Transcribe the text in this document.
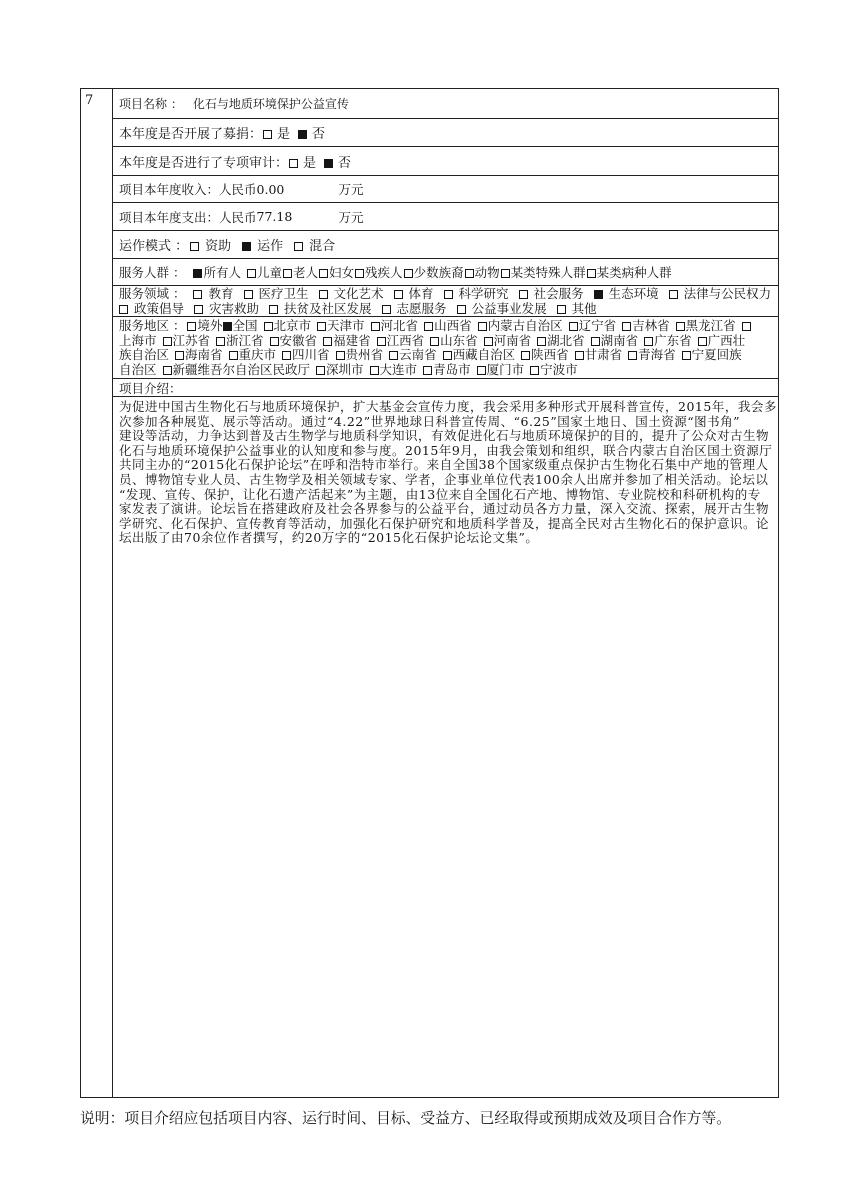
7 项目名称 ： 化石与地质环境保护公益宣传
本年度是否开展了募捐：	是 否
本年度是否进行了专项审计：	是 否
项目本年度收入：人民币 0.00	万元
项目本年度支出：人民币 77.18	万元
运作模式 ：	资助 运作 混合
服务人群 ：	所有人 儿童 老人 妇女 残疾人 少数族裔 动物 某类特殊人群 某类病种人群
服务领域 ： 教育 医疗卫生 文化艺术 体育 科学研究 社会服务 生态环境 法律与公民权力
政策倡导 灾害救助 扶贫及社区发展 志愿服务 公益事业发展 其他
服务地区 ： 境外 全国 北京市 天津市 河北省 山西省 内蒙古自治区 辽宁省 吉林省 黑龙江省
上海市 江苏省 浙江省 安徽省 福建省 江西省 山东省 河南省 湖北省 湖南省 广东省 广西壮
族自治区 海南省 重庆市 四川省 贵州省 云南省 西藏自治区 陕西省 甘肃省 青海省 宁夏回族
自治区 新疆维吾尔自治区民政厅 深圳市 大连市 青岛市 厦门市 宁波市
项目介绍：
为促进中国古生物化石与地质环境保护，扩大基金会宣传力度，我会采用多种形式开展科普宣传，2015年，我会多
次参加各种展览、展示等活动。通过“4.22”世界地球日科普宣传周、“6.25”国家土地日、国土资源“图书角”
建设等活动，力争达到普及古生物学与地质科学知识，有效促进化石与地质环境保护的目的，提升了公众对古生物
化石与地质环境保护公益事业的认知度和参与度。2015年9月，由我会策划和组织，联合内蒙古自治区国土资源厅
共同主办的“2015化石保护论坛”在呼和浩特市举行。来自全国38个国家级重点保护古生物化石集中产地的管理人
员、博物馆专业人员、古生物学及相关领域专家、学者，企事业单位代表100余人出席并参加了相关活动。论坛以
“发现、宣传、保护，让化石遗产活起来”为主题，由13位来自全国化石产地、博物馆、专业院校和科研机构的专
家发表了演讲。论坛旨在搭建政府及社会各界参与的公益平台，通过动员各方力量，深入交流、探索，展开古生物
学研究、化石保护、宣传教育等活动，加强化石保护研究和地质科学普及，提高全民对古生物化石的保护意识。论
坛出版了由70余位作者撰写，约20万字的“2015化石保护论坛论文集”。
说明：项目介绍应包括项目内容、运行时间、目标、受益方、已经取得或预期成效及项目合作方等。
